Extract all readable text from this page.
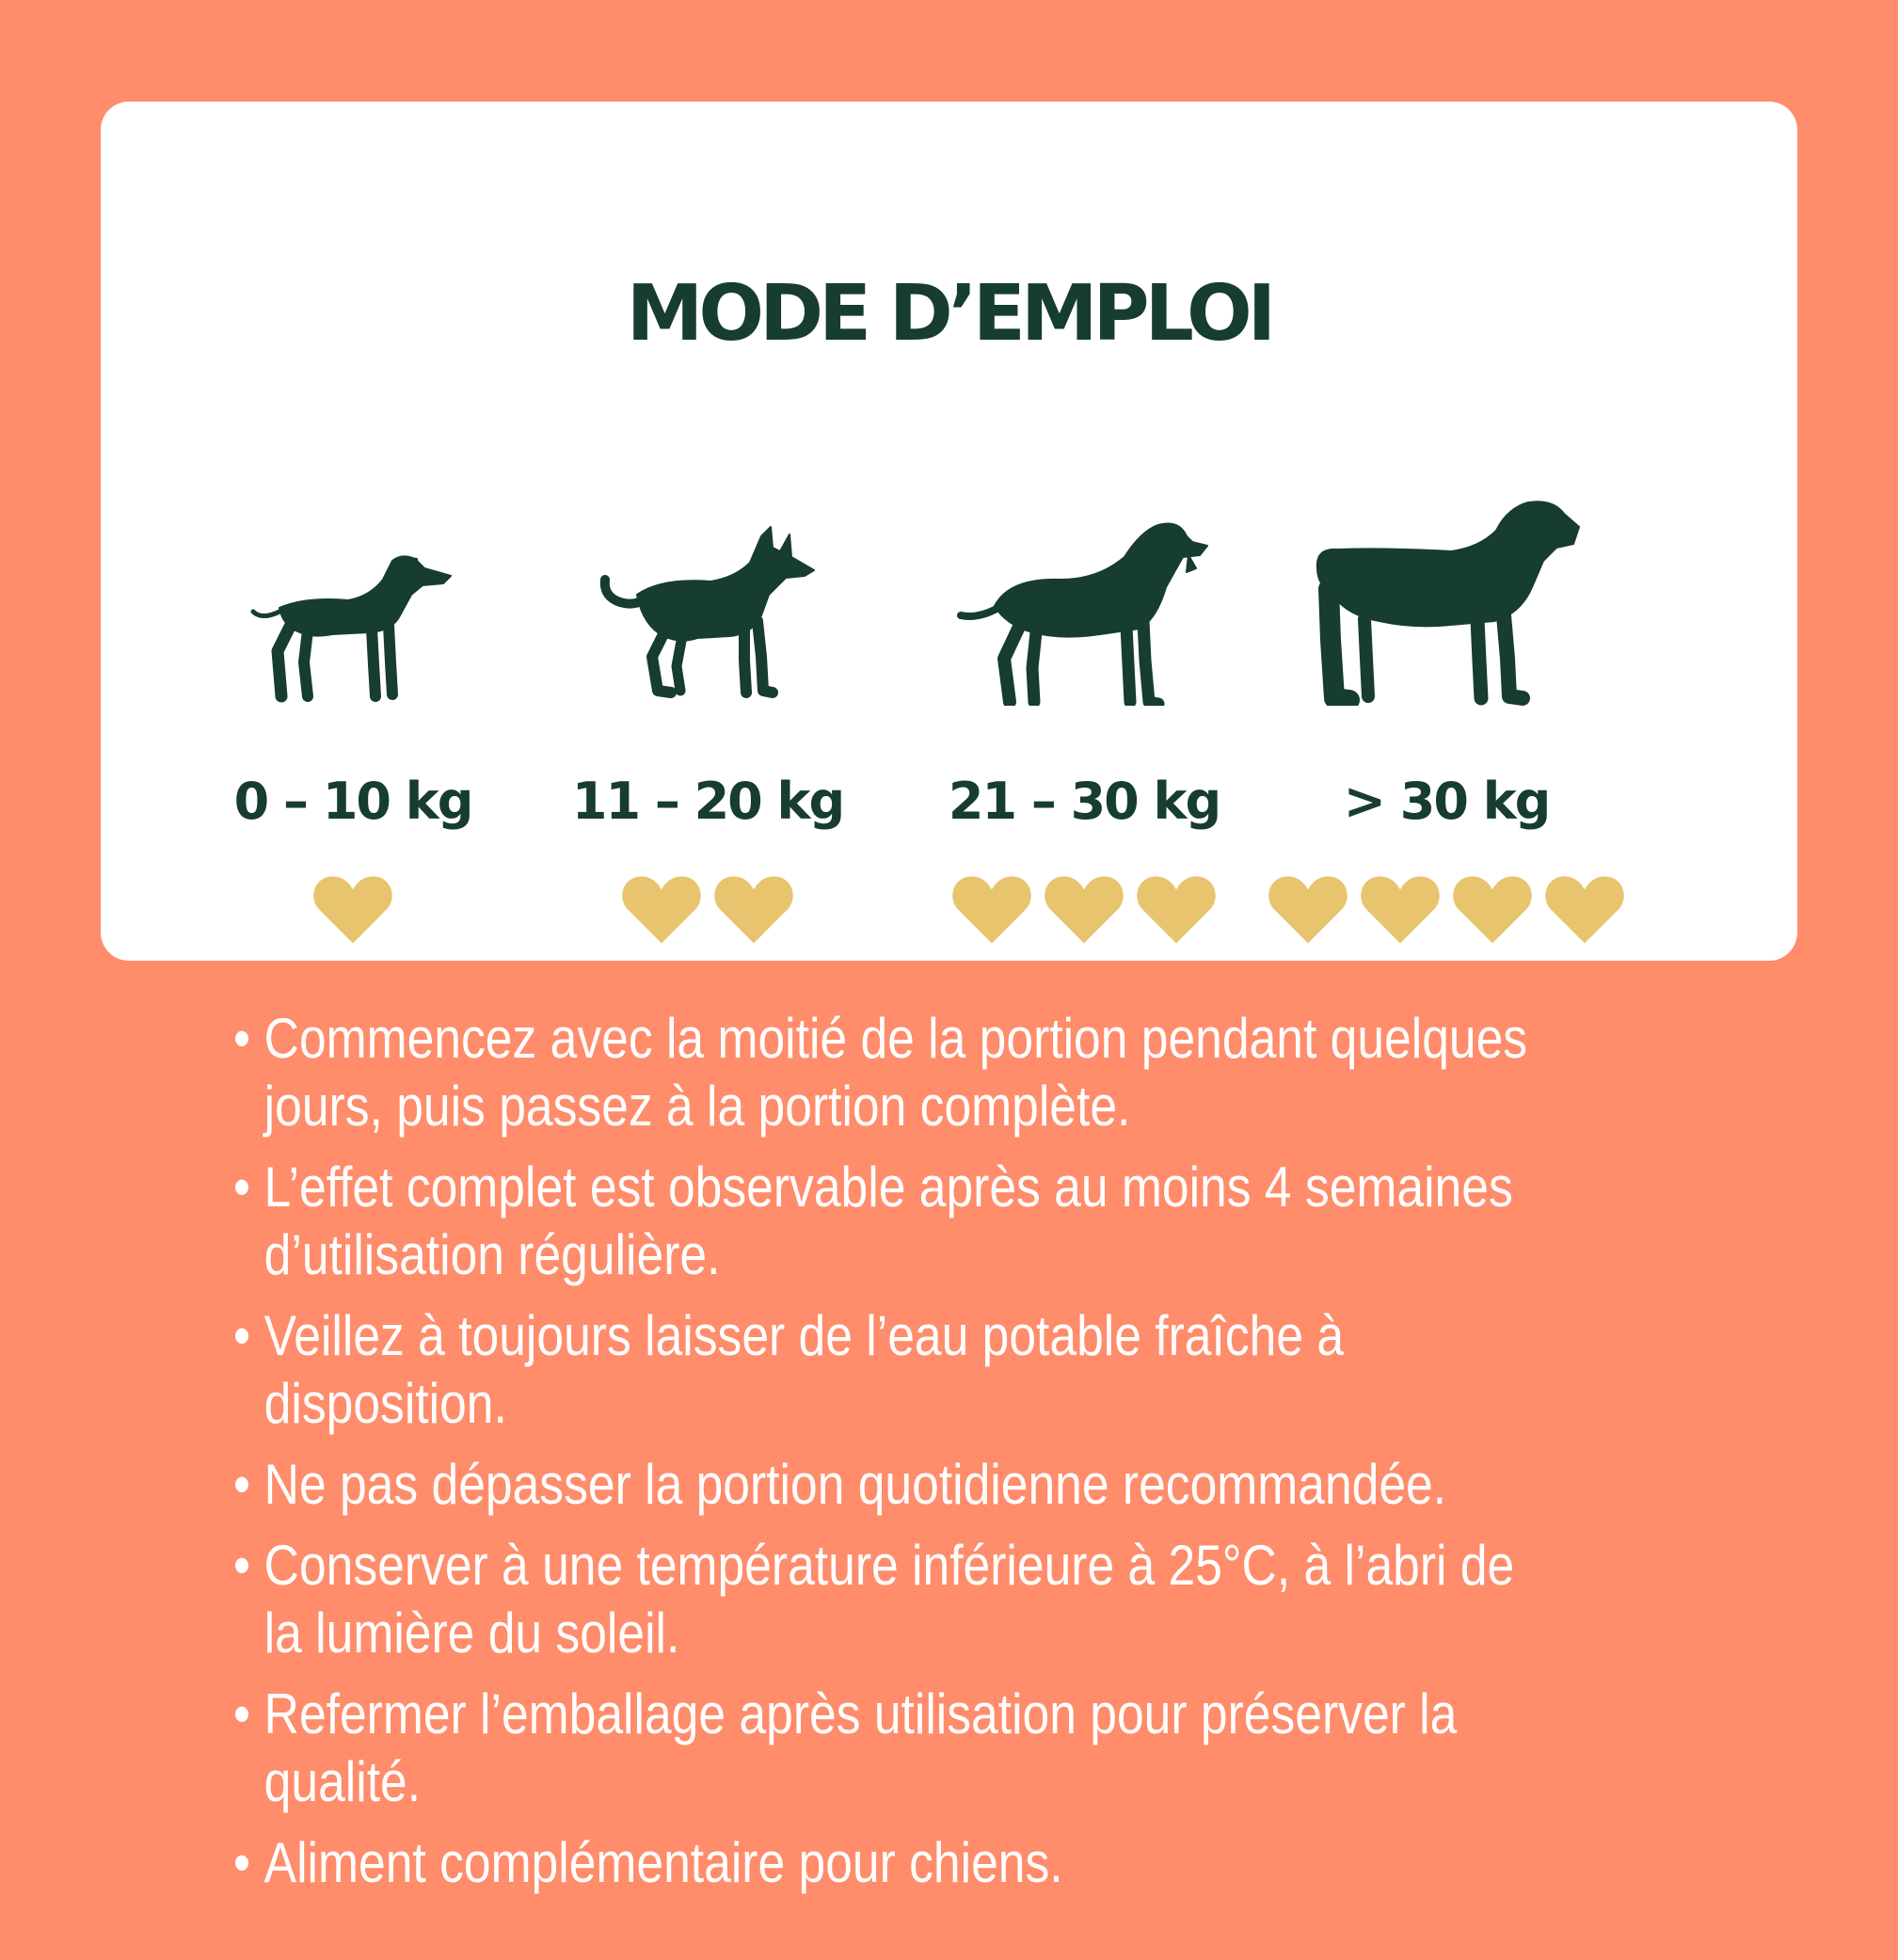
MODE D’EMPLOI

0 – 10 kg 11 – 20 kg 21 – 30 kg > 30 kg

• Commencez avec la moitié de la portion pendant quelques jours, puis passez à la portion complète.
• L’effet complet est observable après au moins 4 semaines d’utilisation régulière.
• Veillez à toujours laisser de l’eau potable fraîche à disposition.
• Ne pas dépasser la portion quotidienne recommandée.
• Conserver à une température inférieure à 25°C, à l’abri de la lumière du soleil.
• Refermer l’emballage après utilisation pour préserver la qualité.
• Aliment complémentaire pour chiens.
